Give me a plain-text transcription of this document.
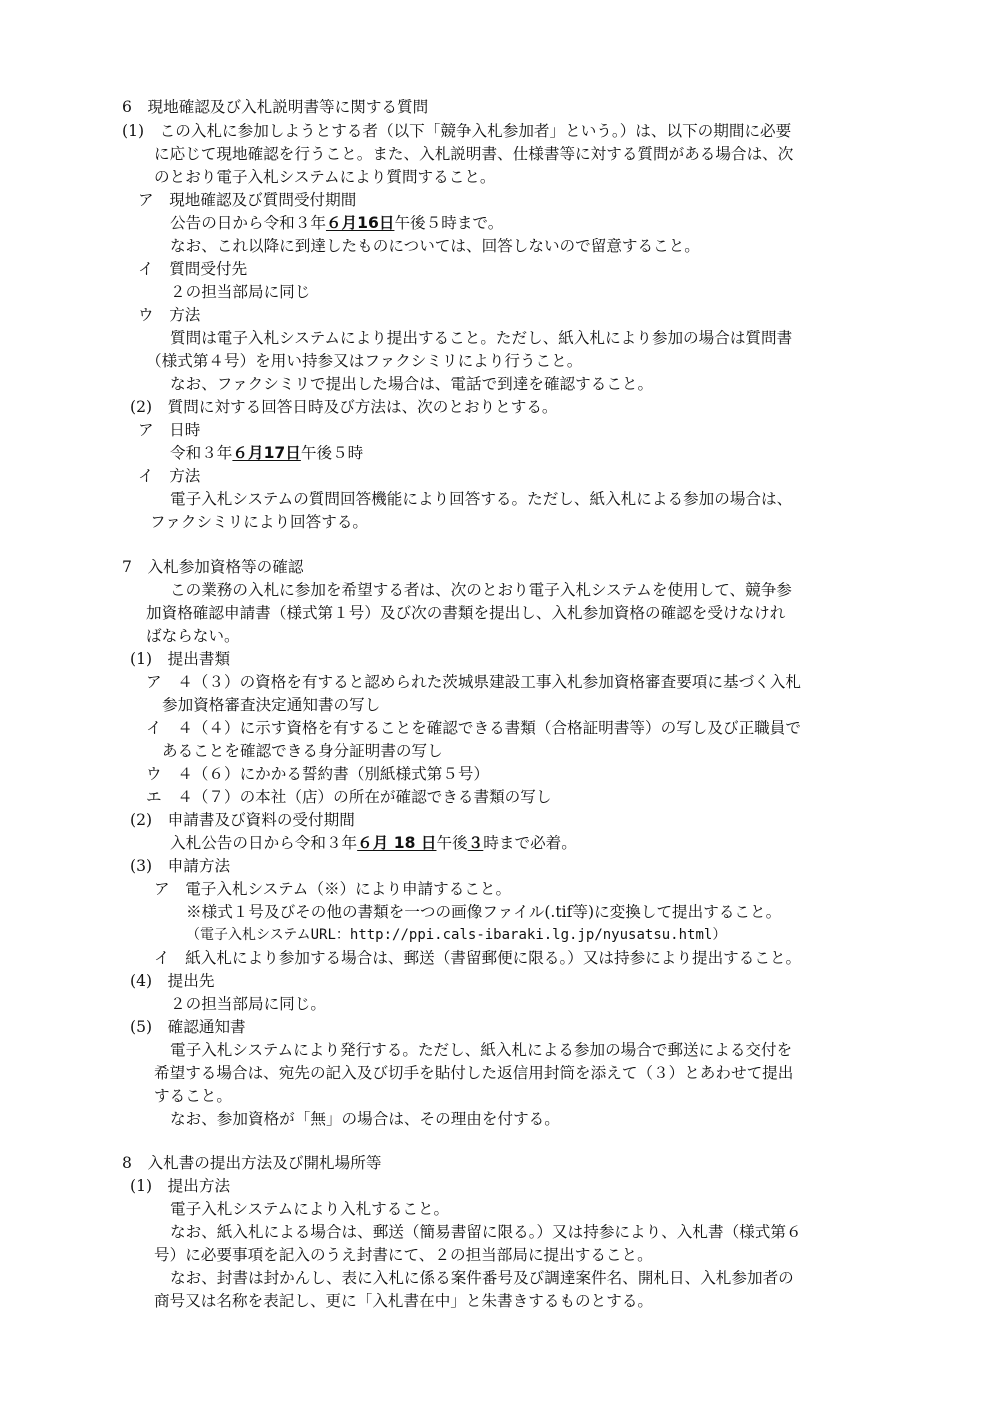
6　現地確認及び入札説明書等に関する質問
(1)　この入札に参加しようとする者（以下「競争入札参加者」という。）は、以下の期間に必要
に応じて現地確認を行うこと。また、入札説明書、仕様書等に対する質問がある場合は、次
のとおり電子入札システムにより質問すること。
ア　現地確認及び質問受付期間
公告の日から令和３年６月16日午後５時まで。
なお、これ以降に到達したものについては、回答しないので留意すること。
イ　質問受付先
２の担当部局に同じ
ウ　方法
質問は電子入札システムにより提出すること。ただし、紙入札により参加の場合は質問書
（様式第４号）を用い持参又はファクシミリにより行うこと。
なお、ファクシミリで提出した場合は、電話で到達を確認すること。
(2)　質問に対する回答日時及び方法は、次のとおりとする。
ア　日時
令和３年６月17日午後５時
イ　方法
電子入札システムの質問回答機能により回答する。ただし、紙入札による参加の場合は、
ファクシミリにより回答する。
7　入札参加資格等の確認
この業務の入札に参加を希望する者は、次のとおり電子入札システムを使用して、競争参
加資格確認申請書（様式第１号）及び次の書類を提出し、入札参加資格の確認を受けなけれ
ばならない。
(1)　提出書類
ア　４（３）の資格を有すると認められた茨城県建設工事入札参加資格審査要項に基づく入札
参加資格審査決定通知書の写し
イ　４（４）に示す資格を有することを確認できる書類（合格証明書等）の写し及び正職員で
あることを確認できる身分証明書の写し
ウ　４（６）にかかる誓約書（別紙様式第５号）
エ　４（７）の本社（店）の所在が確認できる書類の写し
(2)　申請書及び資料の受付期間
入札公告の日から令和３年６月 18 日午後３時まで必着。
(3)　申請方法
ア　電子入札システム（※）により申請すること。
※様式１号及びその他の書類を一つの画像ファイル(.tif等)に変換して提出すること。
（電子入札システムURL：http://ppi.cals-ibaraki.lg.jp/nyusatsu.html）
イ　紙入札により参加する場合は、郵送（書留郵便に限る。）又は持参により提出すること。
(4)　提出先
２の担当部局に同じ。
(5)　確認通知書
電子入札システムにより発行する。ただし、紙入札による参加の場合で郵送による交付を
希望する場合は、宛先の記入及び切手を貼付した返信用封筒を添えて（３）とあわせて提出
すること。
なお、参加資格が「無」の場合は、その理由を付する。
8　入札書の提出方法及び開札場所等
(1)　提出方法
電子入札システムにより入札すること。
なお、紙入札による場合は、郵送（簡易書留に限る。）又は持参により、入札書（様式第６
号）に必要事項を記入のうえ封書にて、２の担当部局に提出すること。
なお、封書は封かんし、表に入札に係る案件番号及び調達案件名、開札日、入札参加者の
商号又は名称を表記し、更に「入札書在中」と朱書きするものとする。
